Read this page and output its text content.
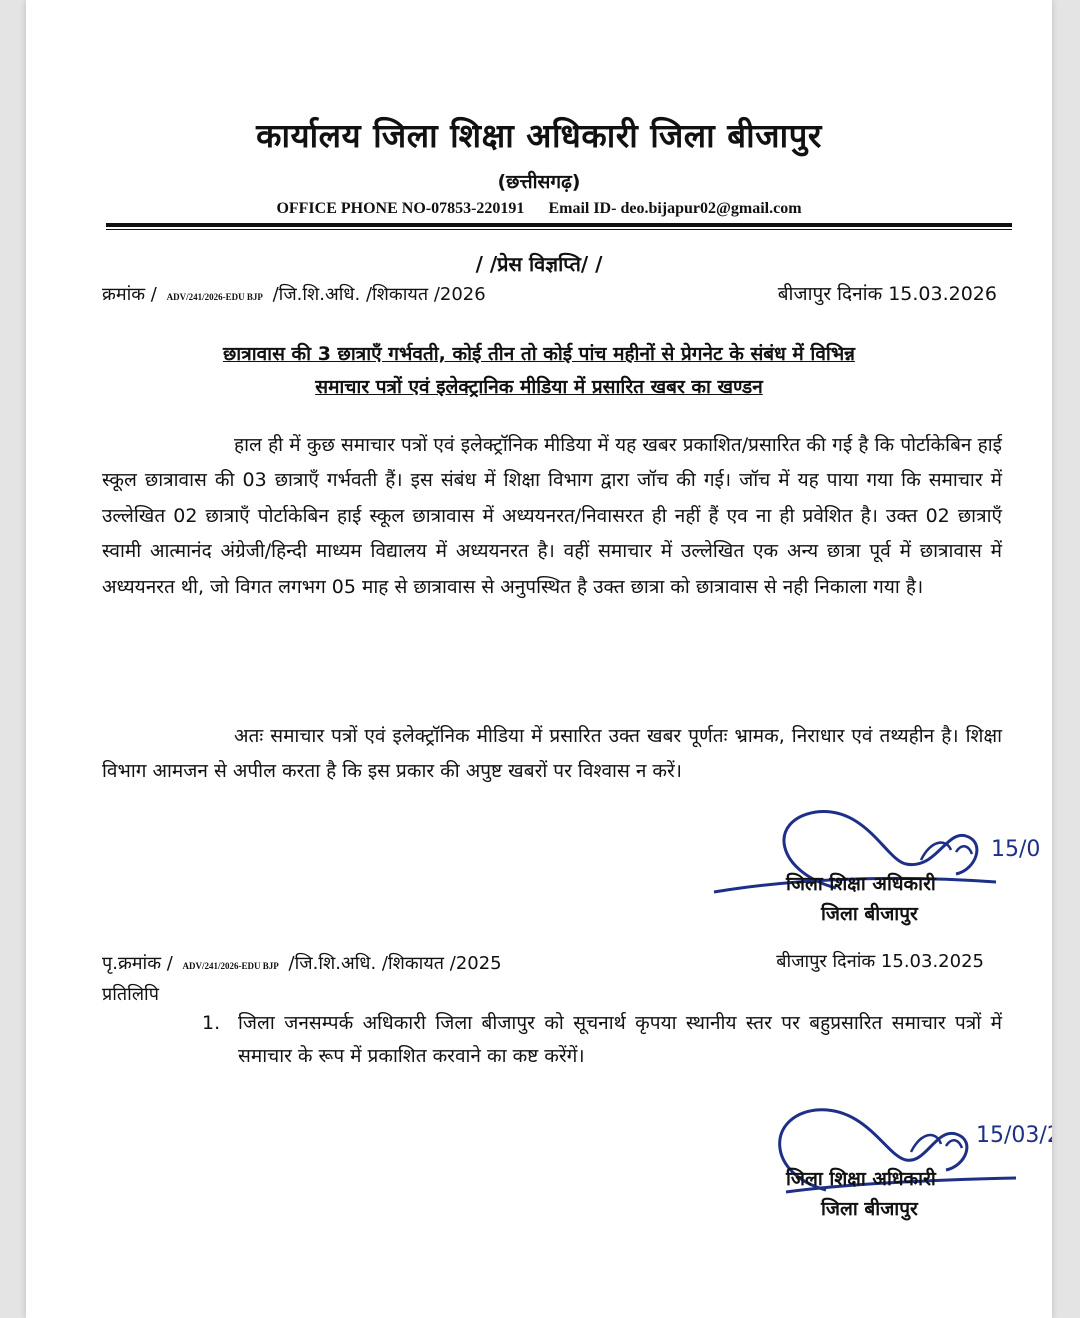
कार्यालय जिला शिक्षा अधिकारी जिला बीजापुर
(छत्तीसगढ़)
OFFICE PHONE NO-07853-220191 Email ID- deo.bijapur02@gmail.com
/ /प्रेस विज्ञप्ति/ /
क्रमांक / ADV/241/2026-EDU BJP /जि.शि.अधि. /शिकायत /2026	बीजापुर दिनांक 15.03.2026
छात्रावास की 3 छात्राएँ गर्भवती, कोई तीन तो कोई पांच महीनों से प्रेगनेट के संबंध में विभिन्न
समाचार पत्रों एवं इलेक्ट्रानिक मीडिया में प्रसारित खबर का खण्डन

हाल ही में कुछ समाचार पत्रों एवं इलेक्ट्रॉनिक मीडिया में यह खबर प्रकाशित/प्रसारित की गई है कि पोर्टाकेबिन हाई स्कूल छात्रावास की 03 छात्राएँ गर्भवती हैं। इस संबंध में शिक्षा विभाग द्वारा जॉच की गई। जॉच में यह पाया गया कि समाचार में उल्लेखित 02 छात्राएँ पोर्टाकेबिन हाई स्कूल छात्रावास में अध्ययनरत/निवासरत ही नहीं हैं एव ना ही प्रवेशित है। उक्त 02 छात्राएँ स्वामी आत्मानंद अंग्रेजी/हिन्दी माध्यम विद्यालय में अध्ययनरत है। वहीं समाचार में उल्लेखित एक अन्य छात्रा पूर्व में छात्रावास में अध्ययनरत थी, जो विगत लगभग 05 माह से छात्रावास से अनुपस्थित है उक्त छात्रा को छात्रावास से नही निकाला गया है।

अतः समाचार पत्रों एवं इलेक्ट्रॉनिक मीडिया में प्रसारित उक्त खबर पूर्णतः भ्रामक, निराधार एवं तथ्यहीन है। शिक्षा विभाग आमजन से अपील करता है कि इस प्रकार की अपुष्ट खबरों पर विश्वास न करें।

15/0
जिला शिक्षा अधिकारी
जिला बीजापुर
पृ.क्रमांक / ADV/241/2026-EDU BJP /जि.शि.अधि. /शिकायत /2025	बीजापुर दिनांक 15.03.2025
प्रतिलिपि
1. जिला जनसम्पर्क अधिकारी जिला बीजापुर को सूचनार्थ कृपया स्थानीय स्तर पर बहुप्रसारित समाचार पत्रों में समाचार के रूप में प्रकाशित करवाने का कष्ट करेंगें।
15/03/2
जिला शिक्षा अधिकारी
जिला बीजापुर
